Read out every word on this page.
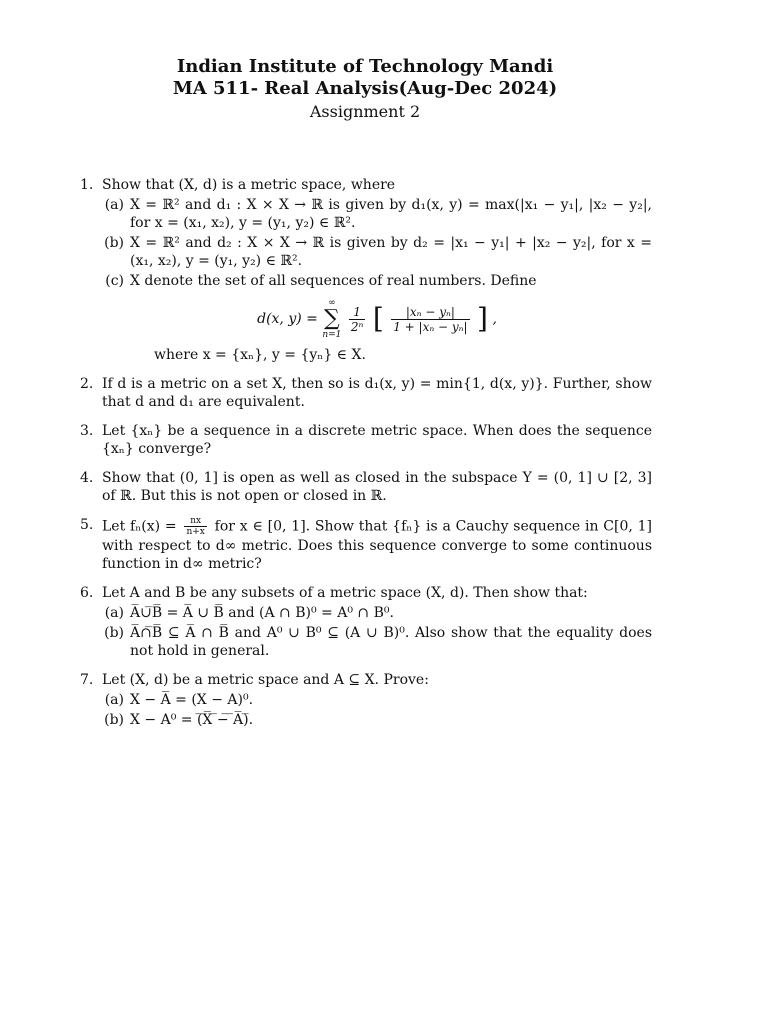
Indian Institute of Technology Mandi
MA 511- Real Analysis(Aug-Dec 2024)
Assignment 2
1. Show that (X, d) is a metric space, where
(a) X = ℝ² and d₁ : X × X → ℝ is given by d₁(x, y) = max(|x₁ − y₁|, |x₂ − y₂|, for x = (x₁, x₂), y = (y₁, y₂) ∈ ℝ².
(b) X = ℝ² and d₂ : X × X → ℝ is given by d₂ = |x₁ − y₁| + |x₂ − y₂|, for x = (x₁, x₂), y = (y₁, y₂) ∈ ℝ².
(c) X denote the set of all sequences of real numbers. Define
d(x, y) =
∞
∑
n=1

$\frac{1}{\text{2ⁿ}}$ [ $\frac{\text{|xₙ − yₙ|}}{\text{1 + |xₙ − yₙ|}}$ ] ,
where x = {xₙ}, y = {yₙ} ∈ X.
2. If d is a metric on a set X, then so is d₁(x, y) = min{1, d(x, y)}. Further, show that d and d₁ are equivalent.
3. Let {xₙ} be a sequence in a discrete metric space. When does the sequence {xₙ} converge?
4. Show that (0, 1] is open as well as closed in the subspace Y = (0, 1] ∪ [2, 3] of ℝ. But this is not open or closed in ℝ.
5. Let $f_n(x) = \frac{nx}{n+x}$ for x ∈ [0, 1]. Show that {fₙ} is a Cauchy sequence in C[0, 1] with respect to d∞ metric. Does this sequence converge to some continuous function in d∞ metric?
6. Let A and B be any subsets of a metric space (X, d). Then show that:
(a) A̅∪̅B̅ = A̅ ∪ B̅ and (A ∩ B)⁰ = A⁰ ∩ B⁰.
(b) A̅∩̅B̅ ⊆ A̅ ∩ B̅ and A⁰ ∪ B⁰ ⊆ (A ∪ B)⁰. Also show that the equality does not hold in general.
7. Let (X, d) be a metric space and A ⊆ X. Prove:
(a) X − A̅ = (X − A)⁰.
(b) X − A⁰ = (̅X̅ ̅−̅ ̅A̅)̅.
